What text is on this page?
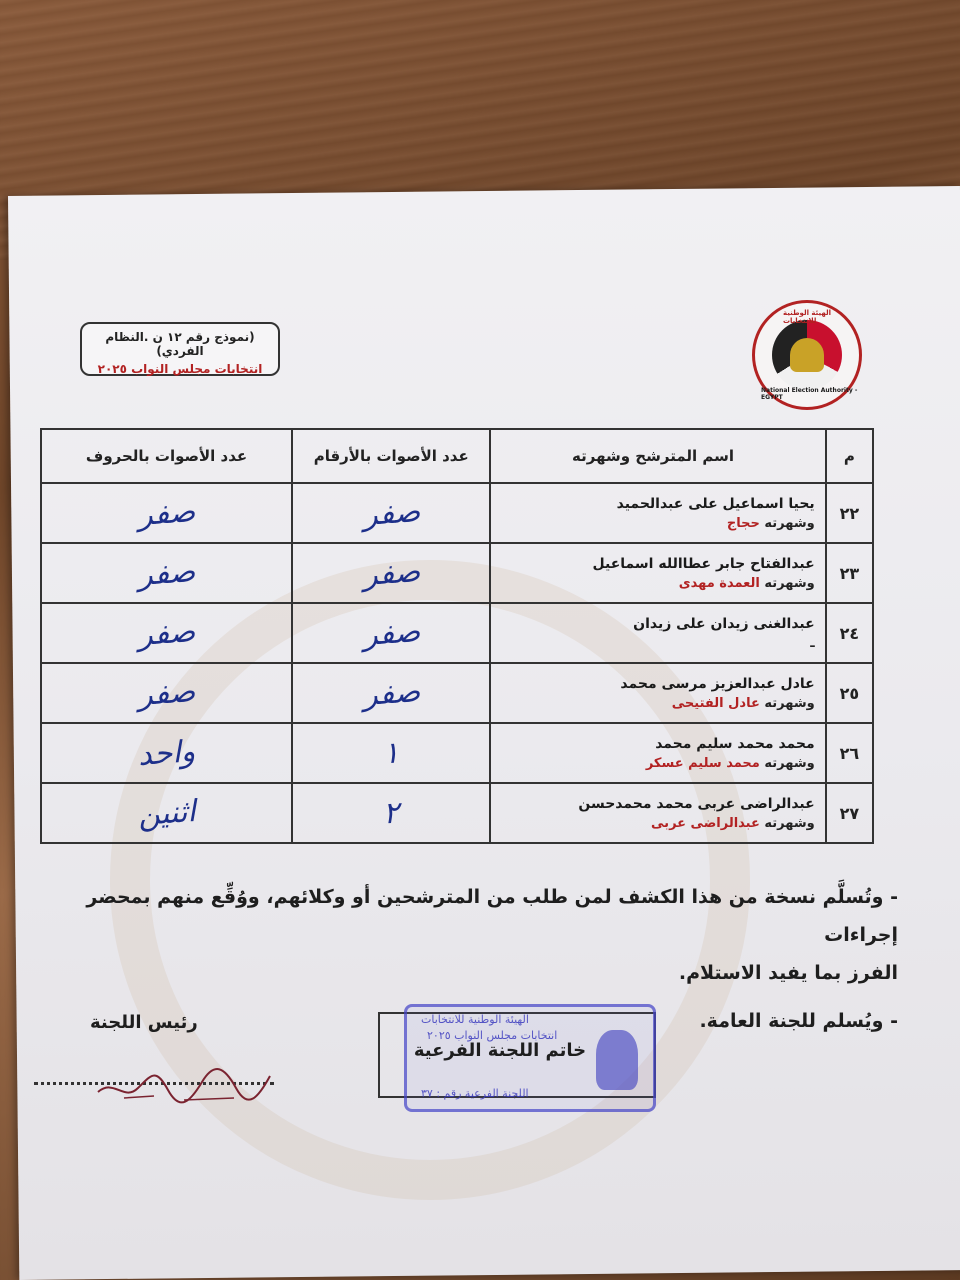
الهيئة الوطنية للانتخابات
National Election Authority - EGYPT
(نموذج رقم ١٢ ن .النظام الفردي)
انتخابات مجلس النواب ٢٠٢٥
م	اسم المترشح وشهرته	عدد الأصوات بالأرقام	عدد الأصوات بالحروف
٢٢	يحيا اسماعيل على عبدالحميد
وشهرته حجاج	صفر	صفر
٢٣	عبدالفتاح جابر عطاالله اسماعيل
وشهرته العمدة مهدى	صفر	صفر
٢٤	عبدالغنى زيدان على زيدان
ـ	صفر	صفر
٢٥	عادل عبدالعزيز مرسى محمد
وشهرته عادل الفتيحى	صفر	صفر
٢٦	محمد محمد سليم محمد
وشهرته محمد سليم عسكر	١	واحد
٢٧	عبدالراضى عربى محمد محمدحسن
وشهرته عبدالراضى عربى	٢	اثنين
- وتُسلَّم نسخة من هذا الكشف لمن طلب من المترشحين أو وكلائهم، ووُقِّع منهم بمحضر إجراءات
الفرز بما يفيد الاستلام.
- ويُسلم للجنة العامة.
رئيس اللجنة	الهيئة الوطنية للانتخابات
انتخابات مجلس النواب ٢٠٢٥
اللجنة الفرعية رقم : ٣٧
خاتم اللجنة الفرعية
